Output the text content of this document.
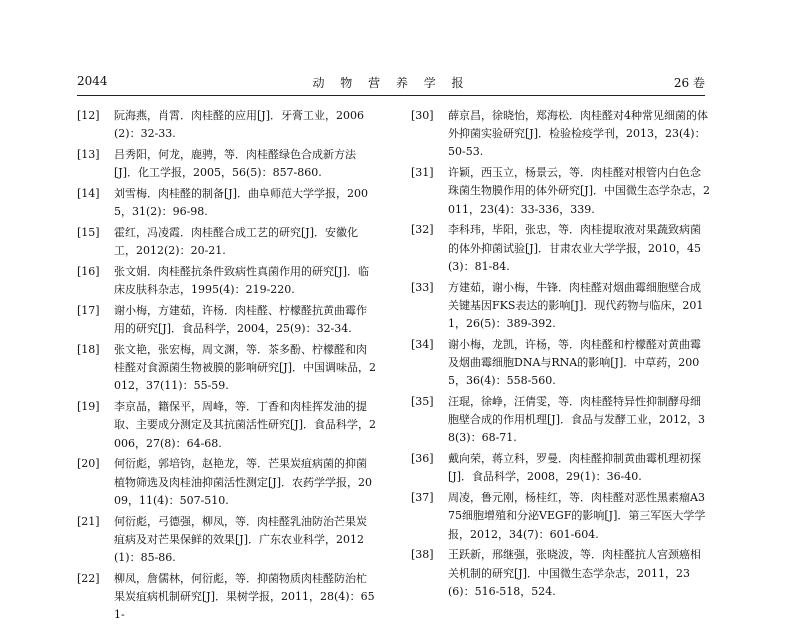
2044	动 物 营 养 学 报	26 卷
[12]	阮海燕，肖霄．肉桂醛的应用[J]．牙膏工业，2006(2)：32-33.
[13]	吕秀阳，何龙，鹿骋，等．肉桂醛绿色合成新方法[J]．化工学报，2005，56(5)：857-860.
[14]	刘雪梅．肉桂醛的制备[J]．曲阜师范大学学报，2005，31(2)：96-98.
[15]	霍红，冯凌霞．肉桂醛合成工艺的研究[J]．安徽化工，2012(2)：20-21.
[16]	张文娟．肉桂醛抗条件致病性真菌作用的研究[J]．临床皮肤科杂志，1995(4)：219-220.
[17]	谢小梅，方建茹，许杨．肉桂醛、柠檬醛抗黄曲霉作用的研究[J]．食品科学，2004，25(9)：32-34.
[18]	张文艳，张宏梅，周文渊，等．茶多酚、柠檬醛和肉桂醛对食源菌生物被膜的影响研究[J]．中国调味品，2012，37(11)：55-59.
[19]	李京晶，籍保平，周峰，等．丁香和肉桂挥发油的提取、主要成分测定及其抗菌活性研究[J]．食品科学，2006，27(8)：64-68.
[20]	何衍彪，郭培钧，赵艳龙，等．芒果炭疽病菌的抑菌植物筛选及肉桂油抑菌活性测定[J]．农药学学报，2009，11(4)：507-510.
[21]	何衍彪，弓德强，柳凤，等．肉桂醛乳油防治芒果炭疽病及对芒果保鲜的效果[J]．广东农业科学，2012(1)：85-86.
[22]	柳凤，詹儒林，何衍彪，等．抑菌物质肉桂醛防治杧果炭疽病机制研究[J]．果树学报，2011，28(4)：651-
[30]	薛京昌，徐晓怡，郑海松．肉桂醛对4种常见细菌的体外抑菌实验研究[J]．检验检疫学刊，2013，23(4)：50-53.
[31]	许颖，西玉立，杨景云，等．肉桂醛对根管内白色念珠菌生物膜作用的体外研究[J]．中国微生态学杂志，2011，23(4)：33-336，339.
[32]	李科玮，毕阳，张忠，等．肉桂提取液对果蔬致病菌的体外抑菌试验[J]．甘肃农业大学学报，2010，45(3)：81-84.
[33]	方建茹，谢小梅，牛锋．肉桂醛对烟曲霉细胞壁合成关键基因FKS表达的影响[J]．现代药物与临床，2011，26(5)：389-392.
[34]	谢小梅，龙凯，许杨，等．肉桂醛和柠檬醛对黄曲霉及烟曲霉细胞DNA与RNA的影响[J]．中草药，2005，36(4)：558-560.
[35]	汪琨，徐峥，汪倩雯，等．肉桂醛特异性抑制酵母细胞壁合成的作用机理[J]．食品与发酵工业，2012，38(3)：68-71.
[36]	戴向荣，蒋立科，罗曼．肉桂醛抑制黄曲霉机理初探[J]．食品科学，2008，29(1)：36-40.
[37]	周凌，鲁元刚，杨桂红，等．肉桂醛对恶性黑素瘤A375细胞增殖和分泌VEGF的影响[J]．第三军医大学学报，2012，34(7)：601-604.
[38]	王跃新，邢继强，张晓波，等．肉桂醛抗人宫颈癌相关机制的研究[J]．中国微生态学杂志，2011，23(6)：516-518，524.
